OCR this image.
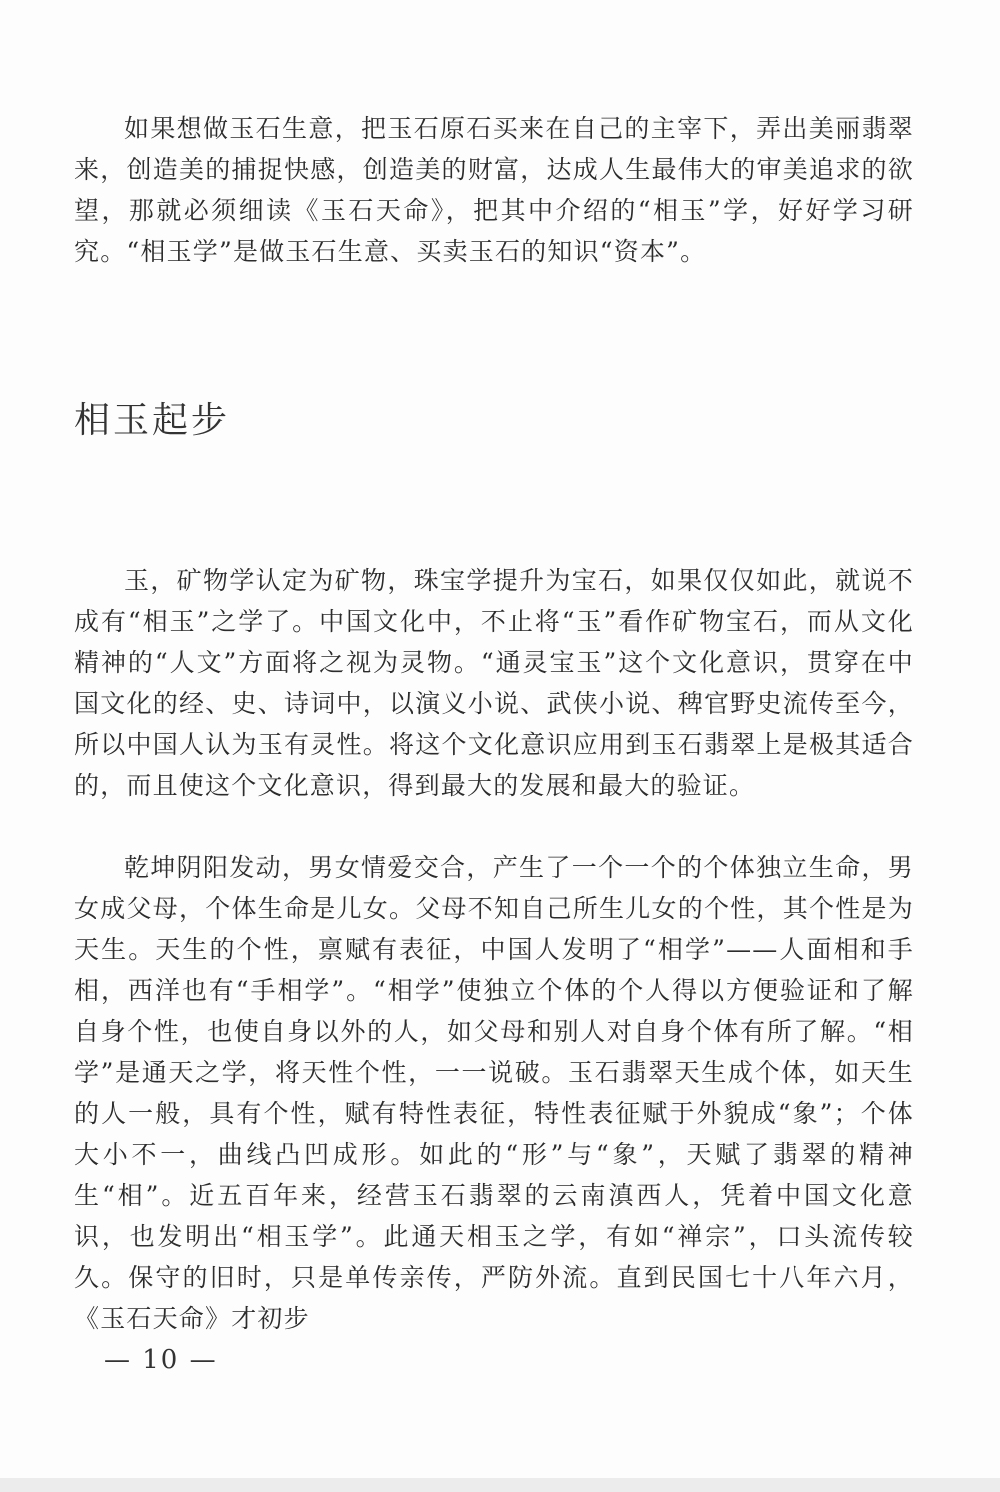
如果想做玉石生意，把玉石原石买来在自己的主宰下，弄出美丽翡翠来，创造美的捕捉快感，创造美的财富，达成人生最伟大的审美追求的欲望，那就必须细读《玉石天命》，把其中介绍的“相玉”学，好好学习研究。“相玉学”是做玉石生意、买卖玉石的知识“资本”。

相玉起步

玉，矿物学认定为矿物，珠宝学提升为宝石，如果仅仅如此，就说不成有“相玉”之学了。中国文化中，不止将“玉”看作矿物宝石，而从文化精神的“人文”方面将之视为灵物。“通灵宝玉”这个文化意识，贯穿在中国文化的经、史、诗词中，以演义小说、武侠小说、稗官野史流传至今，所以中国人认为玉有灵性。将这个文化意识应用到玉石翡翠上是极其适合的，而且使这个文化意识，得到最大的发展和最大的验证。

乾坤阴阳发动，男女情爱交合，产生了一个一个的个体独立生命，男女成父母，个体生命是儿女。父母不知自己所生儿女的个性，其个性是为天生。天生的个性，禀赋有表征，中国人发明了“相学”——人面相和手相，西洋也有“手相学”。“相学”使独立个体的个人得以方便验证和了解自身个性，也使自身以外的人，如父母和别人对自身个体有所了解。“相学”是通天之学，将天性个性，一一说破。玉石翡翠天生成个体，如天生的人一般，具有个性，赋有特性表征，特性表征赋于外貌成“象”；个体大小不一，曲线凸凹成形。如此的“形”与“象”，天赋了翡翠的精神生“相”。近五百年来，经营玉石翡翠的云南滇西人，凭着中国文化意识，也发明出“相玉学”。此通天相玉之学，有如“禅宗”，口头流传较久。保守的旧时，只是单传亲传，严防外流。直到民国七十八年六月，《玉石天命》才初步

— 10 —
